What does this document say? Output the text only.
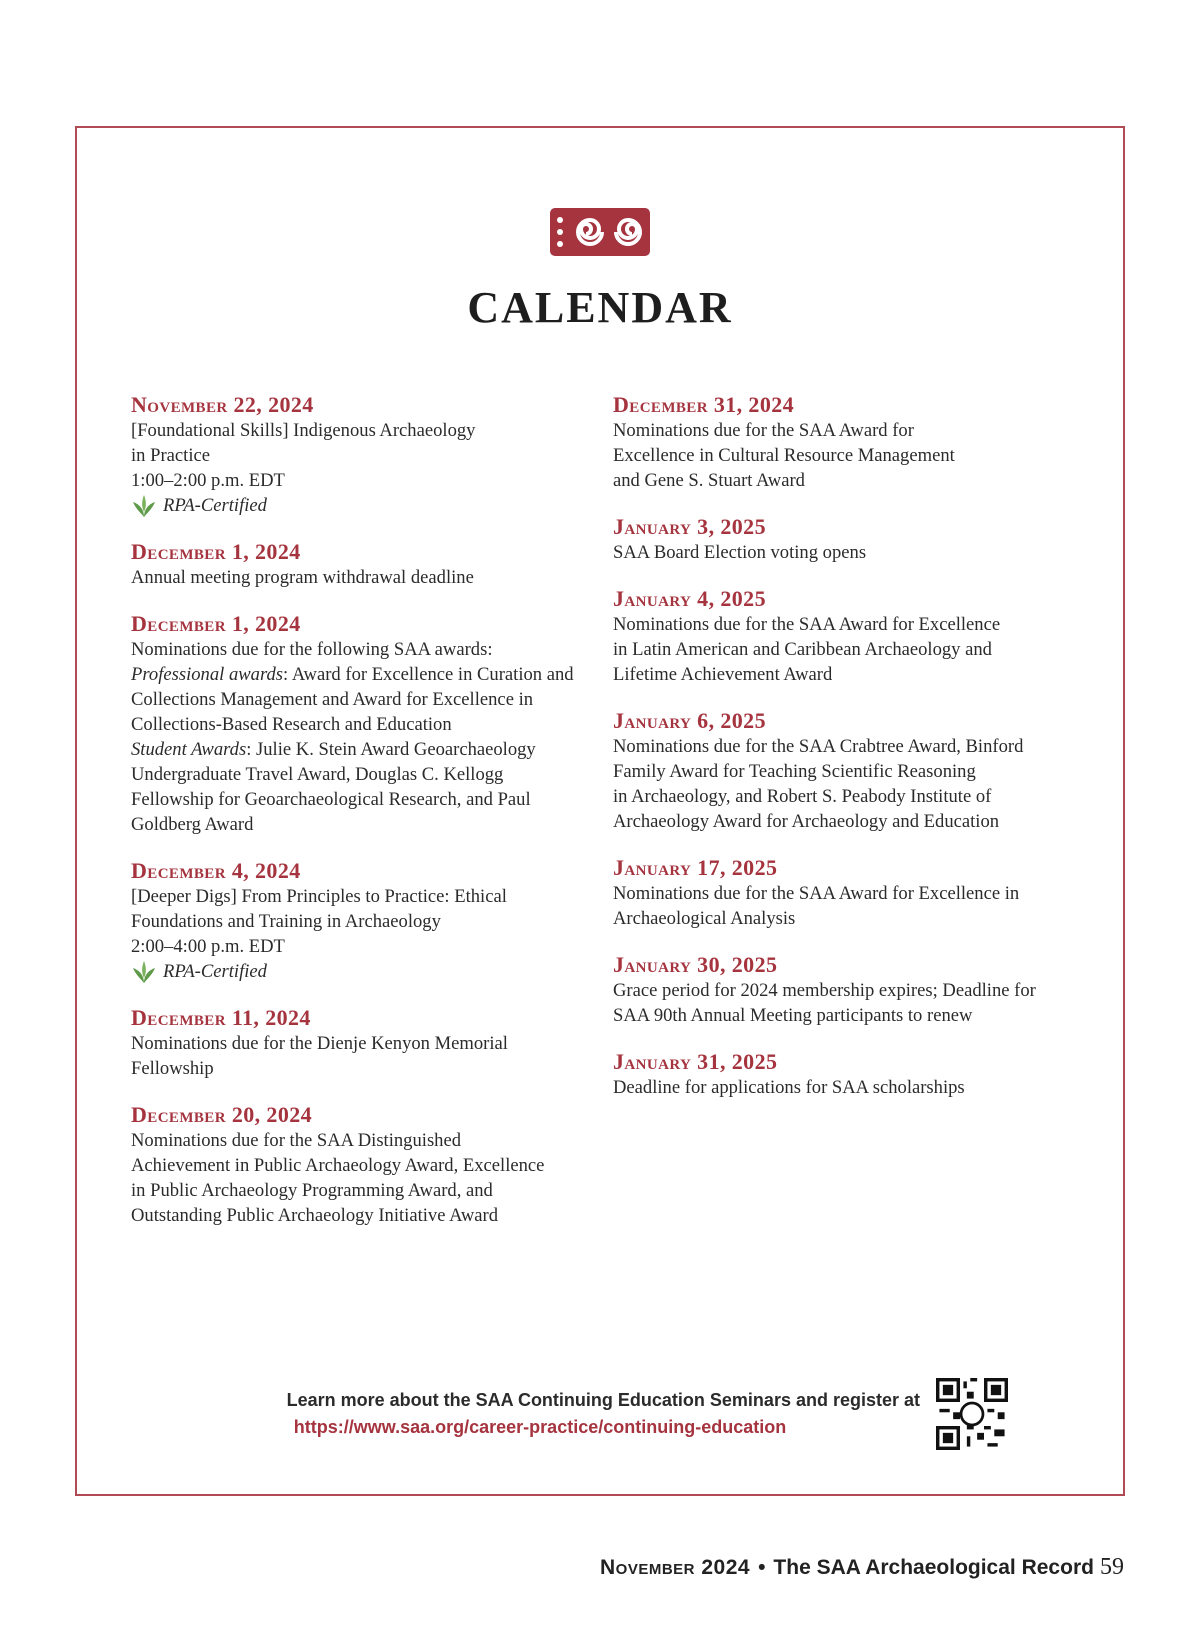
CALENDAR
November 22, 2024
[Foundational Skills] Indigenous Archaeology
in Practice
1:00–2:00 p.m. EDT
RPA-Certified
December 1, 2024
Annual meeting program withdrawal deadline
December 1, 2024
Nominations due for the following SAA awards:
Professional awards: Award for Excellence in Curation and
Collections Management and Award for Excellence in
Collections-Based Research and Education
Student Awards: Julie K. Stein Award Geoarchaeology
Undergraduate Travel Award, Douglas C. Kellogg
Fellowship for Geoarchaeological Research, and Paul
Goldberg Award
December 4, 2024
[Deeper Digs] From Principles to Practice: Ethical
Foundations and Training in Archaeology
2:00–4:00 p.m. EDT
RPA-Certified
December 11, 2024
Nominations due for the Dienje Kenyon Memorial
Fellowship
December 20, 2024
Nominations due for the SAA Distinguished
Achievement in Public Archaeology Award, Excellence
in Public Archaeology Programming Award, and
Outstanding Public Archaeology Initiative Award
December 31, 2024
Nominations due for the SAA Award for
Excellence in Cultural Resource Management
and Gene S. Stuart Award
January 3, 2025
SAA Board Election voting opens
January 4, 2025
Nominations due for the SAA Award for Excellence
in Latin American and Caribbean Archaeology and
Lifetime Achievement Award
January 6, 2025
Nominations due for the SAA Crabtree Award, Binford
Family Award for Teaching Scientific Reasoning
in Archaeology, and Robert S. Peabody Institute of
Archaeology Award for Archaeology and Education
January 17, 2025
Nominations due for the SAA Award for Excellence in
Archaeological Analysis
January 30, 2025
Grace period for 2024 membership expires; Deadline for
SAA 90th Annual Meeting participants to renew
January 31, 2025
Deadline for applications for SAA scholarships
Learn more about the SAA Continuing Education Seminars and register at
https://www.saa.org/career-practice/continuing-education
November 2024 • The SAA Archaeological Record 59
